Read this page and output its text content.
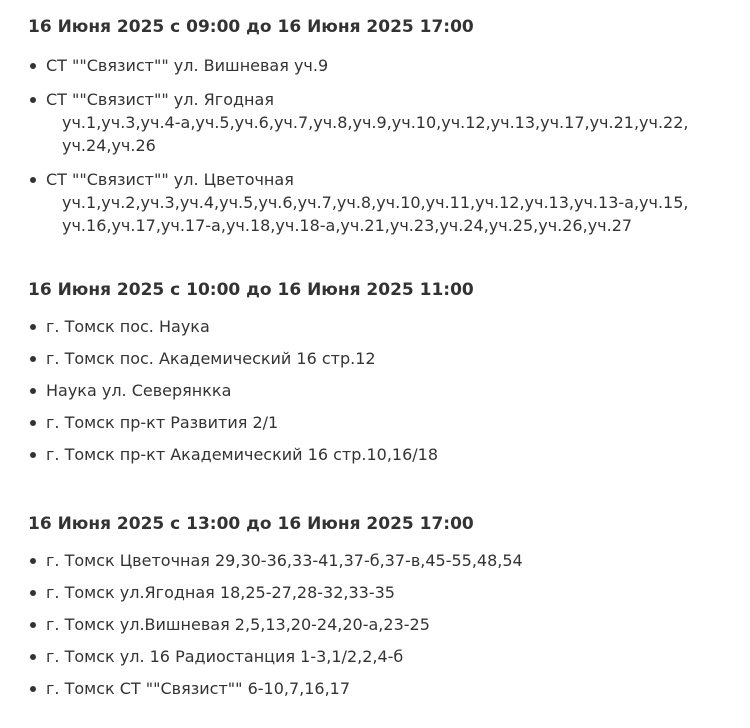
16 Июня 2025 с 09:00 до 16 Июня 2025 17:00
СТ ""Связист"" ул. Вишневая уч.9
СТ ""Связист"" ул. Ягодная
уч.1,уч.3,уч.4-а,уч.5,уч.6,уч.7,уч.8,уч.9,уч.10,уч.12,уч.13,уч.17,уч.21,уч.22, уч.24,уч.26
СТ ""Связист"" ул. Цветочная
уч.1,уч.2,уч.3,уч.4,уч.5,уч.6,уч.7,уч.8,уч.10,уч.11,уч.12,уч.13,уч.13-а,уч.15, уч.16,уч.17,уч.17-а,уч.18,уч.18-а,уч.21,уч.23,уч.24,уч.25,уч.26,уч.27
16 Июня 2025 с 10:00 до 16 Июня 2025 11:00
г. Томск пос. Наука
г. Томск пос. Академический 16 стр.12
Наука ул. Северянкка
г. Томск пр-кт Развития 2/1
г. Томск пр-кт Академический 16 стр.10,16/18
16 Июня 2025 с 13:00 до 16 Июня 2025 17:00
г. Томск Цветочная 29,30-36,33-41,37-б,37-в,45-55,48,54
г. Томск ул.Ягодная 18,25-27,28-32,33-35
г. Томск ул.Вишневая 2,5,13,20-24,20-а,23-25
г. Томск ул. 16 Радиостанция 1-3,1/2,2,4-б
г. Томск СТ ""Связист"" 6-10,7,16,17
